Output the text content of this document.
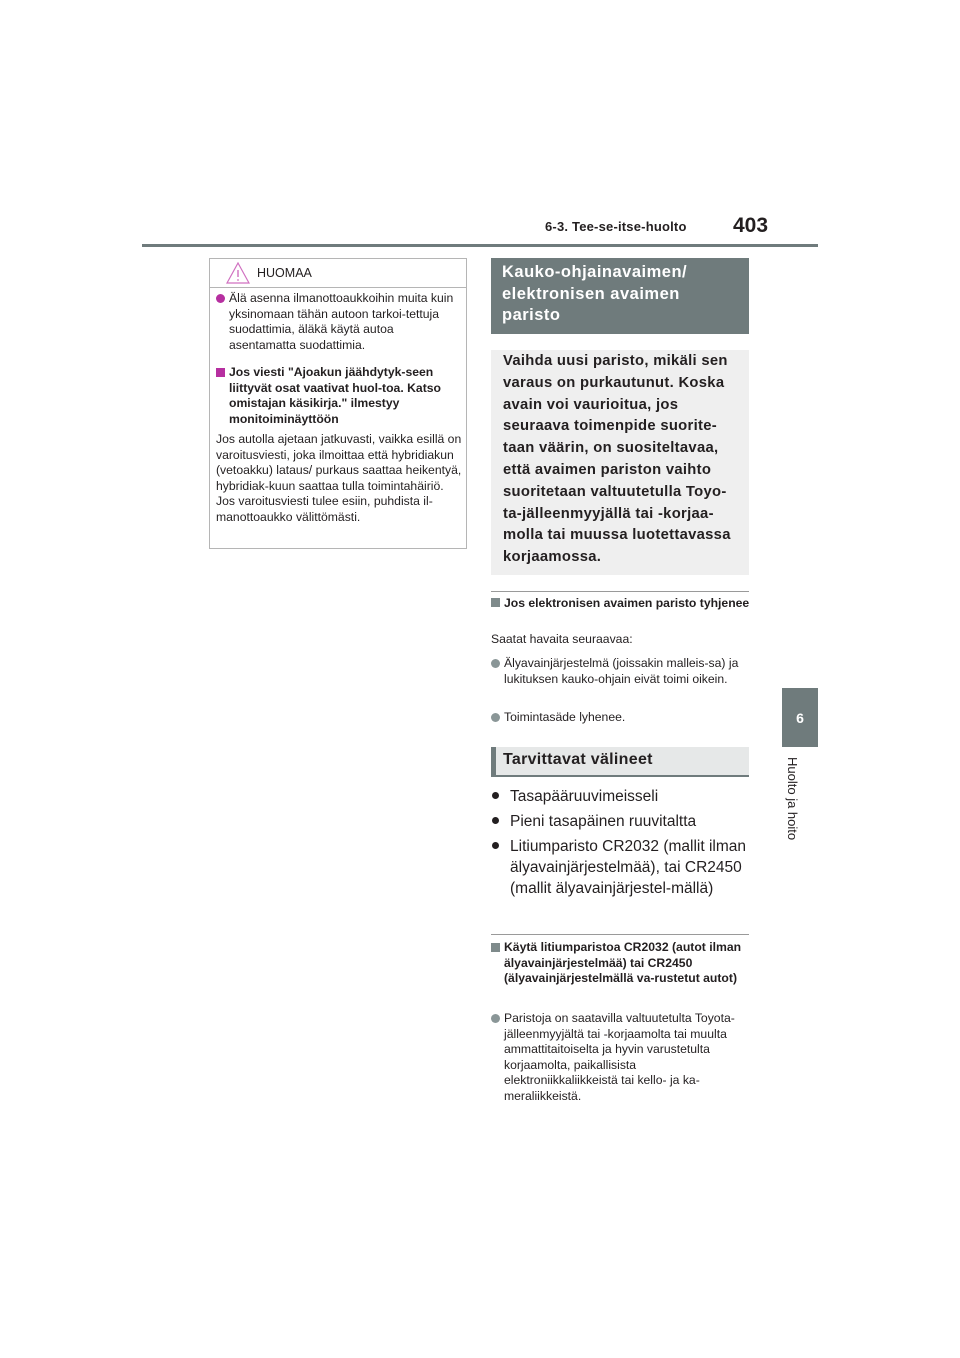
6-3. Tee-se-itse-huolto 403
6
Huolto ja hoito
HUOMAA
Älä asenna ilmanottoaukkoihin muita kuin yksinomaan tähän autoon tarkoi-tettuja suodattimia, äläkä käytä autoa asentamatta suodattimia.
Jos viesti "Ajoakun jäähdytyk-seen liittyvät osat vaativat huol-toa. Katso omistajan käsikirja." ilmestyy monitoiminäyttöön
Jos autolla ajetaan jatkuvasti, vaikka esillä on varoitusviesti, joka ilmoittaa että hybridiakun (vetoakku) lataus/ purkaus saattaa heikentyä, hybridiak-kuun saattaa tulla toimintahäiriö. Jos varoitusviesti tulee esiin, puhdista il-manottoaukko välittömästi.
Kauko-ohjainavaimen/ elektronisen avaimen paristo
Vaihda uusi paristo, mikäli sen varaus on purkautunut. Koska avain voi vaurioitua, jos seuraava toimenpide suorite-taan väärin, on suositeltavaa, että avaimen pariston vaihto suoritetaan valtuutetulla Toyo-ta-jälleenmyyjällä tai -korjaa-molla tai muussa luotettavassa korjaamossa.
Jos elektronisen avaimen paristo tyhjenee
Saatat havaita seuraavaa:
Älyavainjärjestelmä (joissakin malleis-sa) ja lukituksen kauko-ohjain eivät toimi oikein.
Toimintasäde lyhenee.
Tarvittavat välineet
Tasapääruuvimeisseli
Pieni tasapäinen ruuvitaltta
Litiumparisto CR2032 (mallit ilman älyavainjärjestelmää), tai CR2450 (mallit älyavainjärjestel-mällä)
Käytä litiumparistoa CR2032 (autot ilman älyavainjärjestelmää) tai CR2450 (älyavainjärjestelmällä va-rustetut autot)
Paristoja on saatavilla valtuutetulta Toyota-jälleenmyyjältä tai -korjaamolta tai muulta ammattitaitoiselta ja hyvin varustetulta korjaamolta, paikallisista elektroniikkaliikkeistä tai kello- ja ka-meraliikkeistä.
